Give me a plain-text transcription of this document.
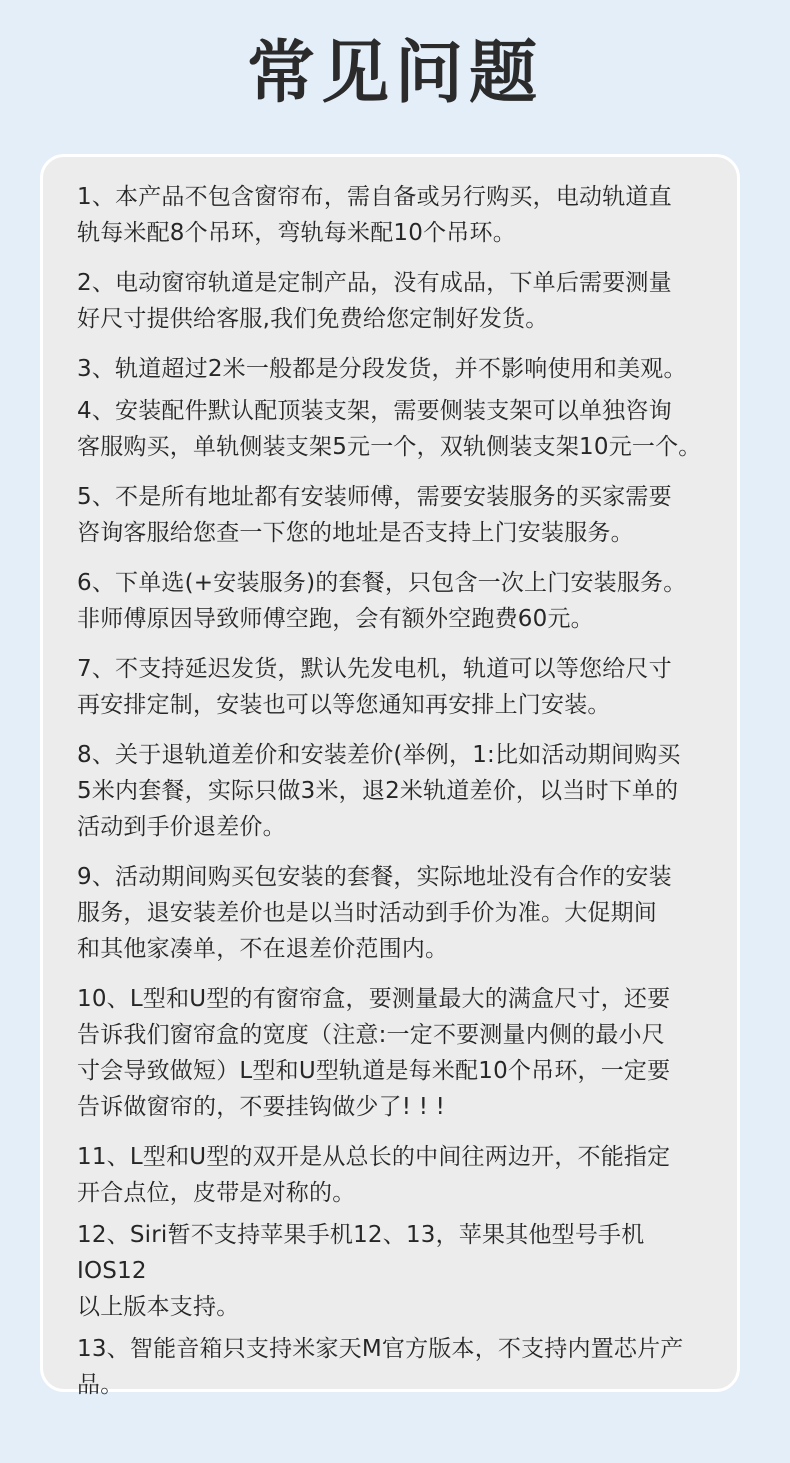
常见问题

1、本产品不包含窗帘布，需自备或另行购买，电动轨道直
轨每米配8个吊环，弯轨每米配10个吊环。

2、电动窗帘轨道是定制产品，没有成品，下单后需要测量
好尺寸提供给客服,我们免费给您定制好发货。

3、轨道超过2米一般都是分段发货，并不影响使用和美观。

4、安装配件默认配顶装支架，需要侧装支架可以单独咨询
客服购买，单轨侧装支架5元一个，双轨侧装支架10元一个。

5、不是所有地址都有安装师傅，需要安装服务的买家需要
咨询客服给您查一下您的地址是否支持上门安装服务。

6、下单选(+安装服务)的套餐，只包含一次上门安装服务。
非师傅原因导致师傅空跑，会有额外空跑费60元。

7、不支持延迟发货，默认先发电机，轨道可以等您给尺寸
再安排定制，安装也可以等您通知再安排上门安装。

8、关于退轨道差价和安装差价(举例，1:比如活动期间购买
5米内套餐，实际只做3米，退2米轨道差价，以当时下单的
活动到手价退差价。

9、活动期间购买包安装的套餐，实际地址没有合作的安装
服务，退安装差价也是以当时活动到手价为准。大促期间
和其他家凑单，不在退差价范围内。

10、L型和U型的有窗帘盒，要测量最大的满盒尺寸，还要
告诉我们窗帘盒的宽度（注意:一定不要测量内侧的最小尺
寸会导致做短）L型和U型轨道是每米配10个吊环，一定要
告诉做窗帘的，不要挂钩做少了! ! !

11、L型和U型的双开是从总长的中间往两边开，不能指定
开合点位，皮带是对称的。

12、Siri暂不支持苹果手机12、13，苹果其他型号手机IOS12
以上版本支持。

13、智能音箱只支持米家天M官方版本，不支持内置芯片产品。
